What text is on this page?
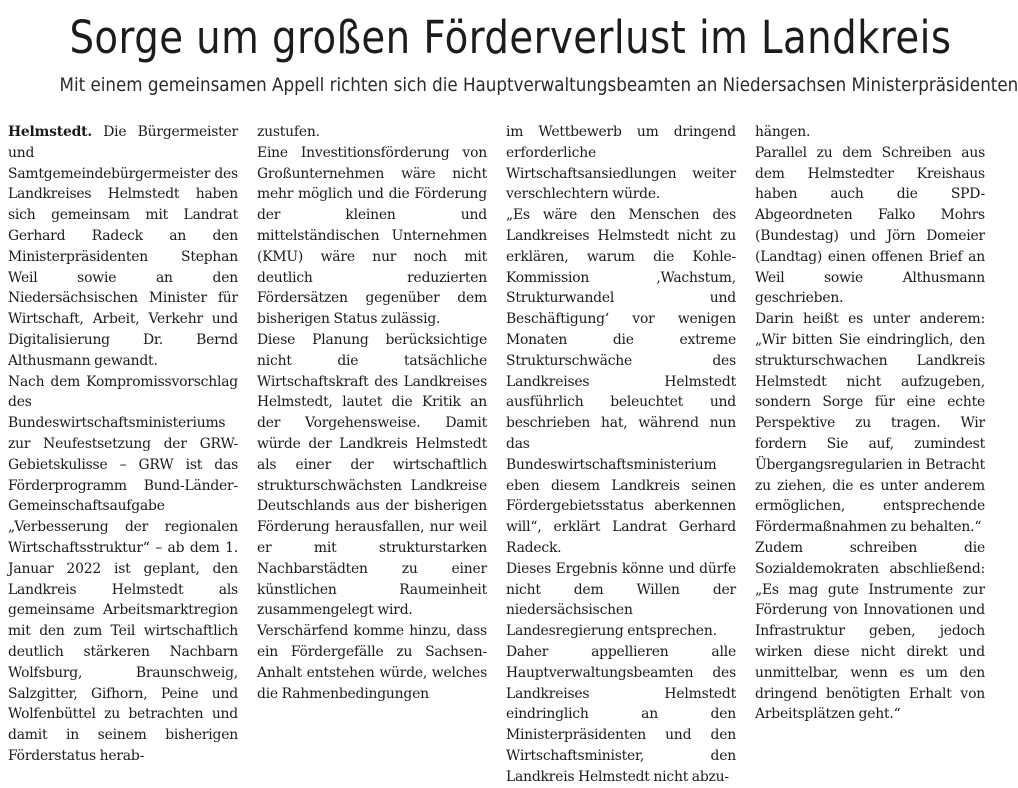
Sorge um großen Förderverlust im Landkreis
Mit einem gemeinsamen Appell richten sich die Hauptverwaltungsbeamten an Niedersachsen Ministerpräsidenten

Helmstedt. Die Bürgermeister und Samtgemeindebürgermeister des Landkreises Helmstedt haben sich gemeinsam mit Landrat Gerhard Radeck an den Ministerpräsidenten Stephan Weil sowie an den Niedersächsischen Minister für Wirtschaft, Arbeit, Verkehr und Digitalisierung Dr. Bernd Althusmann gewandt.

Nach dem Kompromissvorschlag des Bundeswirtschaftsministeriums zur Neufestsetzung der GRW-Gebietskulisse – GRW ist das Förderprogramm Bund-Länder- Gemeinschaftsaufgabe „Verbesserung der regionalen Wirtschaftsstruktur“ – ab dem 1. Januar 2022 ist geplant, den Landkreis Helmstedt als gemeinsame Arbeitsmarktregion mit den zum Teil wirtschaftlich deutlich stärkeren Nachbarn Wolfsburg, Braunschweig, Salzgitter, Gifhorn, Peine und Wolfenbüttel zu betrachten und damit in seinem bisherigen Förderstatus herab-

zustufen.

Eine Investitionsförderung von Großunternehmen wäre nicht mehr möglich und die Förderung der kleinen und mittelständischen Unternehmen (KMU) wäre nur noch mit deutlich reduzierten Fördersätzen gegenüber dem bisherigen Status zulässig.

Diese Planung berücksichtige nicht die tatsächliche Wirtschaftskraft des Landkreises Helmstedt, lautet die Kritik an der Vorgehensweise. Damit würde der Landkreis Helmstedt als einer der wirtschaftlich strukturschwächsten Landkreise Deutschlands aus der bisherigen Förderung herausfallen, nur weil er mit strukturstarken Nachbarstädten zu einer künstlichen Raumeinheit zusammengelegt wird.

Verschärfend komme hinzu, dass ein Fördergefälle zu Sachsen-Anhalt entstehen würde, welches die Rahmenbedingungen

im Wettbewerb um dringend erforderliche Wirtschaftsansiedlungen weiter verschlechtern würde.

„Es wäre den Menschen des Landkreises Helmstedt nicht zu erklären, warum die Kohle-Kommission ‚Wachstum, Strukturwandel und Beschäftigung‘ vor wenigen Monaten die extreme Strukturschwäche des Landkreises Helmstedt ausführlich beleuchtet und beschrieben hat, während nun das Bundeswirtschaftsministerium eben diesem Landkreis seinen Fördergebietsstatus aberkennen will“, erklärt Landrat Gerhard Radeck.

Dieses Ergebnis könne und dürfe nicht dem Willen der niedersächsischen Landesregierung entsprechen.

Daher appellieren alle Hauptverwaltungsbeamten des Landkreises Helmstedt eindringlich an den Ministerpräsidenten und den Wirtschaftsminister, den Landkreis Helmstedt nicht abzu-

hängen.

Parallel zu dem Schreiben aus dem Helmstedter Kreishaus haben auch die SPD-Abgeordneten Falko Mohrs (Bundestag) und Jörn Domeier (Landtag) einen offenen Brief an Weil sowie Althusmann geschrieben.

Darin heißt es unter anderem: „Wir bitten Sie eindringlich, den strukturschwachen Landkreis Helmstedt nicht aufzugeben, sondern Sorge für eine echte Perspektive zu tragen. Wir fordern Sie auf, zumindest Übergangsregularien in Betracht zu ziehen, die es unter anderem ermöglichen, entsprechende Fördermaßnahmen zu behalten.“

Zudem schreiben die Sozialdemokraten abschließend: „Es mag gute Instrumente zur Förderung von Innovationen und Infrastruktur geben, jedoch wirken diese nicht direkt und unmittelbar, wenn es um den dringend benötigten Erhalt von Arbeitsplätzen geht.“
